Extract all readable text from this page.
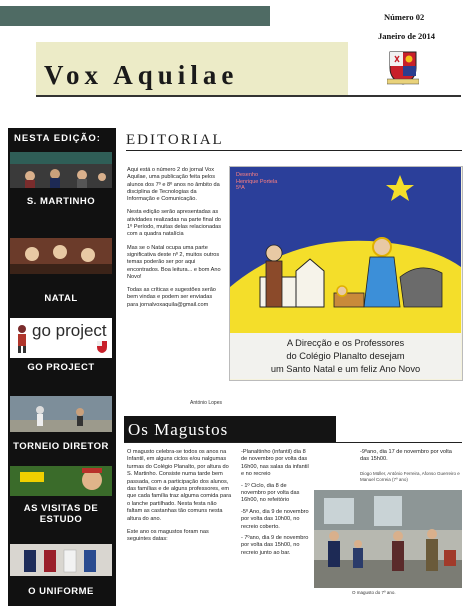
Vox Aquilae
Número 02
Janeiro de 2014
NESTA EDIÇÃO:
S. MARTINHO
NATAL
go project
GO PROJECT
TORNEIO DIRETOR
AS VISITAS DE ESTUDO
O UNIFORME
EDITORIAL

Aqui está o número 2 do jornal Vox Aquilae, uma publicação feita pelos alunos dos 7º e 8º anos no âmbito da disciplina de Tecnologias da Informação e Comunicação.

Nesta edição serão apresentadas as atividades realizadas na parte final do 1º Período, muitas delas relacionadas com a quadra natalícia

Mas se o Natal ocupa uma parte significativa deste nº 2, muitos outros temas poderão ser por aqui encontrados. Boa leitura... e bom Ano Novo!

Todas as críticas e sugestões serão bem vindas e podem ser enviadas para jornalvoxaquila@gmail.com

António Lopes
Desenho
Henrique Portela
5ºA
A Direcção e os Professores
do Colégio Planalto desejam
um Santo Natal e um feliz Ano Novo
Os Magustos

O magusto celebra-se todos os anos na Infantil, em alguns ciclos e/ou nalgumas turmas do Colégio Planalto, por altura do S. Martinho. Consiste numa tarde bem passada, com a participação dos alunos, das famílias e de alguns professores, em que cada família traz alguma comida para o lanche partilhado. Nesta festa não faltam as castanhas tão comuns nesta altura do ano.

Este ano os magustos foram nas seguintes datas:

-Planaltinho (infantil) dia 8 de novembro por volta das 16h00, nas salas da infantil e no recreio

- 1º Ciclo, dia 8 de novembro por volta das 16h00, no refeitório

-5º Ano, dia 9 de novembro por volta das 10h00, no recreio coberto.

- 7ºano, dia 9 de novembro por volta das 15h00, no recreio junto ao bar.

-9ºano, dia 17 de novembro por volta das 15h00.
Diogo Müller, António Ferreira, Afonso Guerreiro e Manuel Correia (7º ano)
O magusto do 7º ano.
